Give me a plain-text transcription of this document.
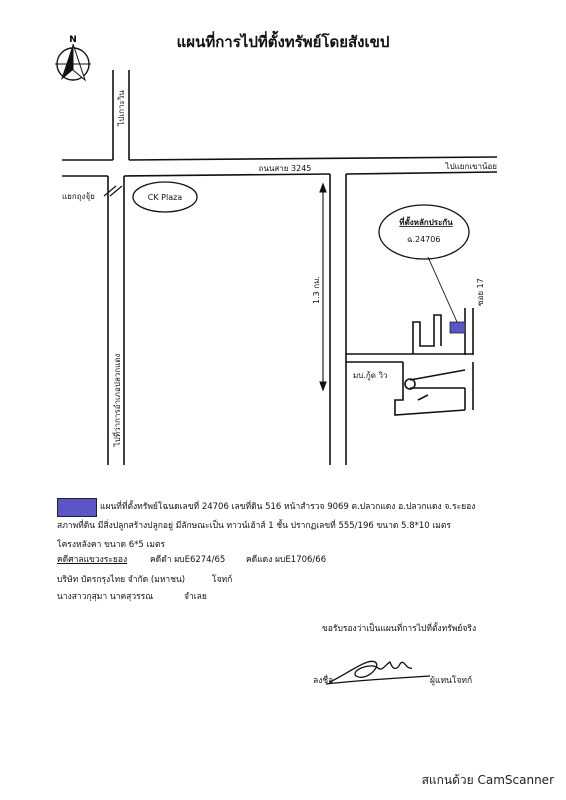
แผนที่การไปที่ตั้งทรัพย์โดยสังเขป
N
ไปเกาะวิน
ถนนสาย 3245	ไปแยกเขาน้อย
แยกถุงจุ้ย	CK Plaza
ไปที่ว่าการอำเภอปลวกแดง
1.3 กม.
ที่ตั้งหลักประกัน
ฉ.24706
ซอย 17
มบ.กู้ด วิว
แผนที่ที่ตั้งทรัพย์โฉนดเลขที่ 24706 เลขที่ดิน 516 หน้าสำรวจ 9069 ต.ปลวกแดง อ.ปลวกแดง จ.ระยอง
สภาพที่ดิน มีสิ่งปลูกสร้างปลูกอยู่ มีลักษณะเป็น ทาวน์เฮ้าส์ 1 ชั้น ปรากฏเลขที่ 555/196 ขนาด 5.8*10 เมตร
โครงหลังคา ขนาด 6*5 เมตร
คดีศาลแขวงระยอง	คดีดำ ผบE6274/65 คดีแดง ผบE1706/66
บริษัท บัตรกรุงไทย จำกัด (มหาชน)	โจทก์
นางสาวกุสุมา นาคสุวรรณ	จำเลย
ขอรับรองว่าเป็นแผนที่การไปที่ตั้งทรัพย์จริง
ลงชื่อ	ผู้แทนโจทก์
สแกนด้วย CamScanner
